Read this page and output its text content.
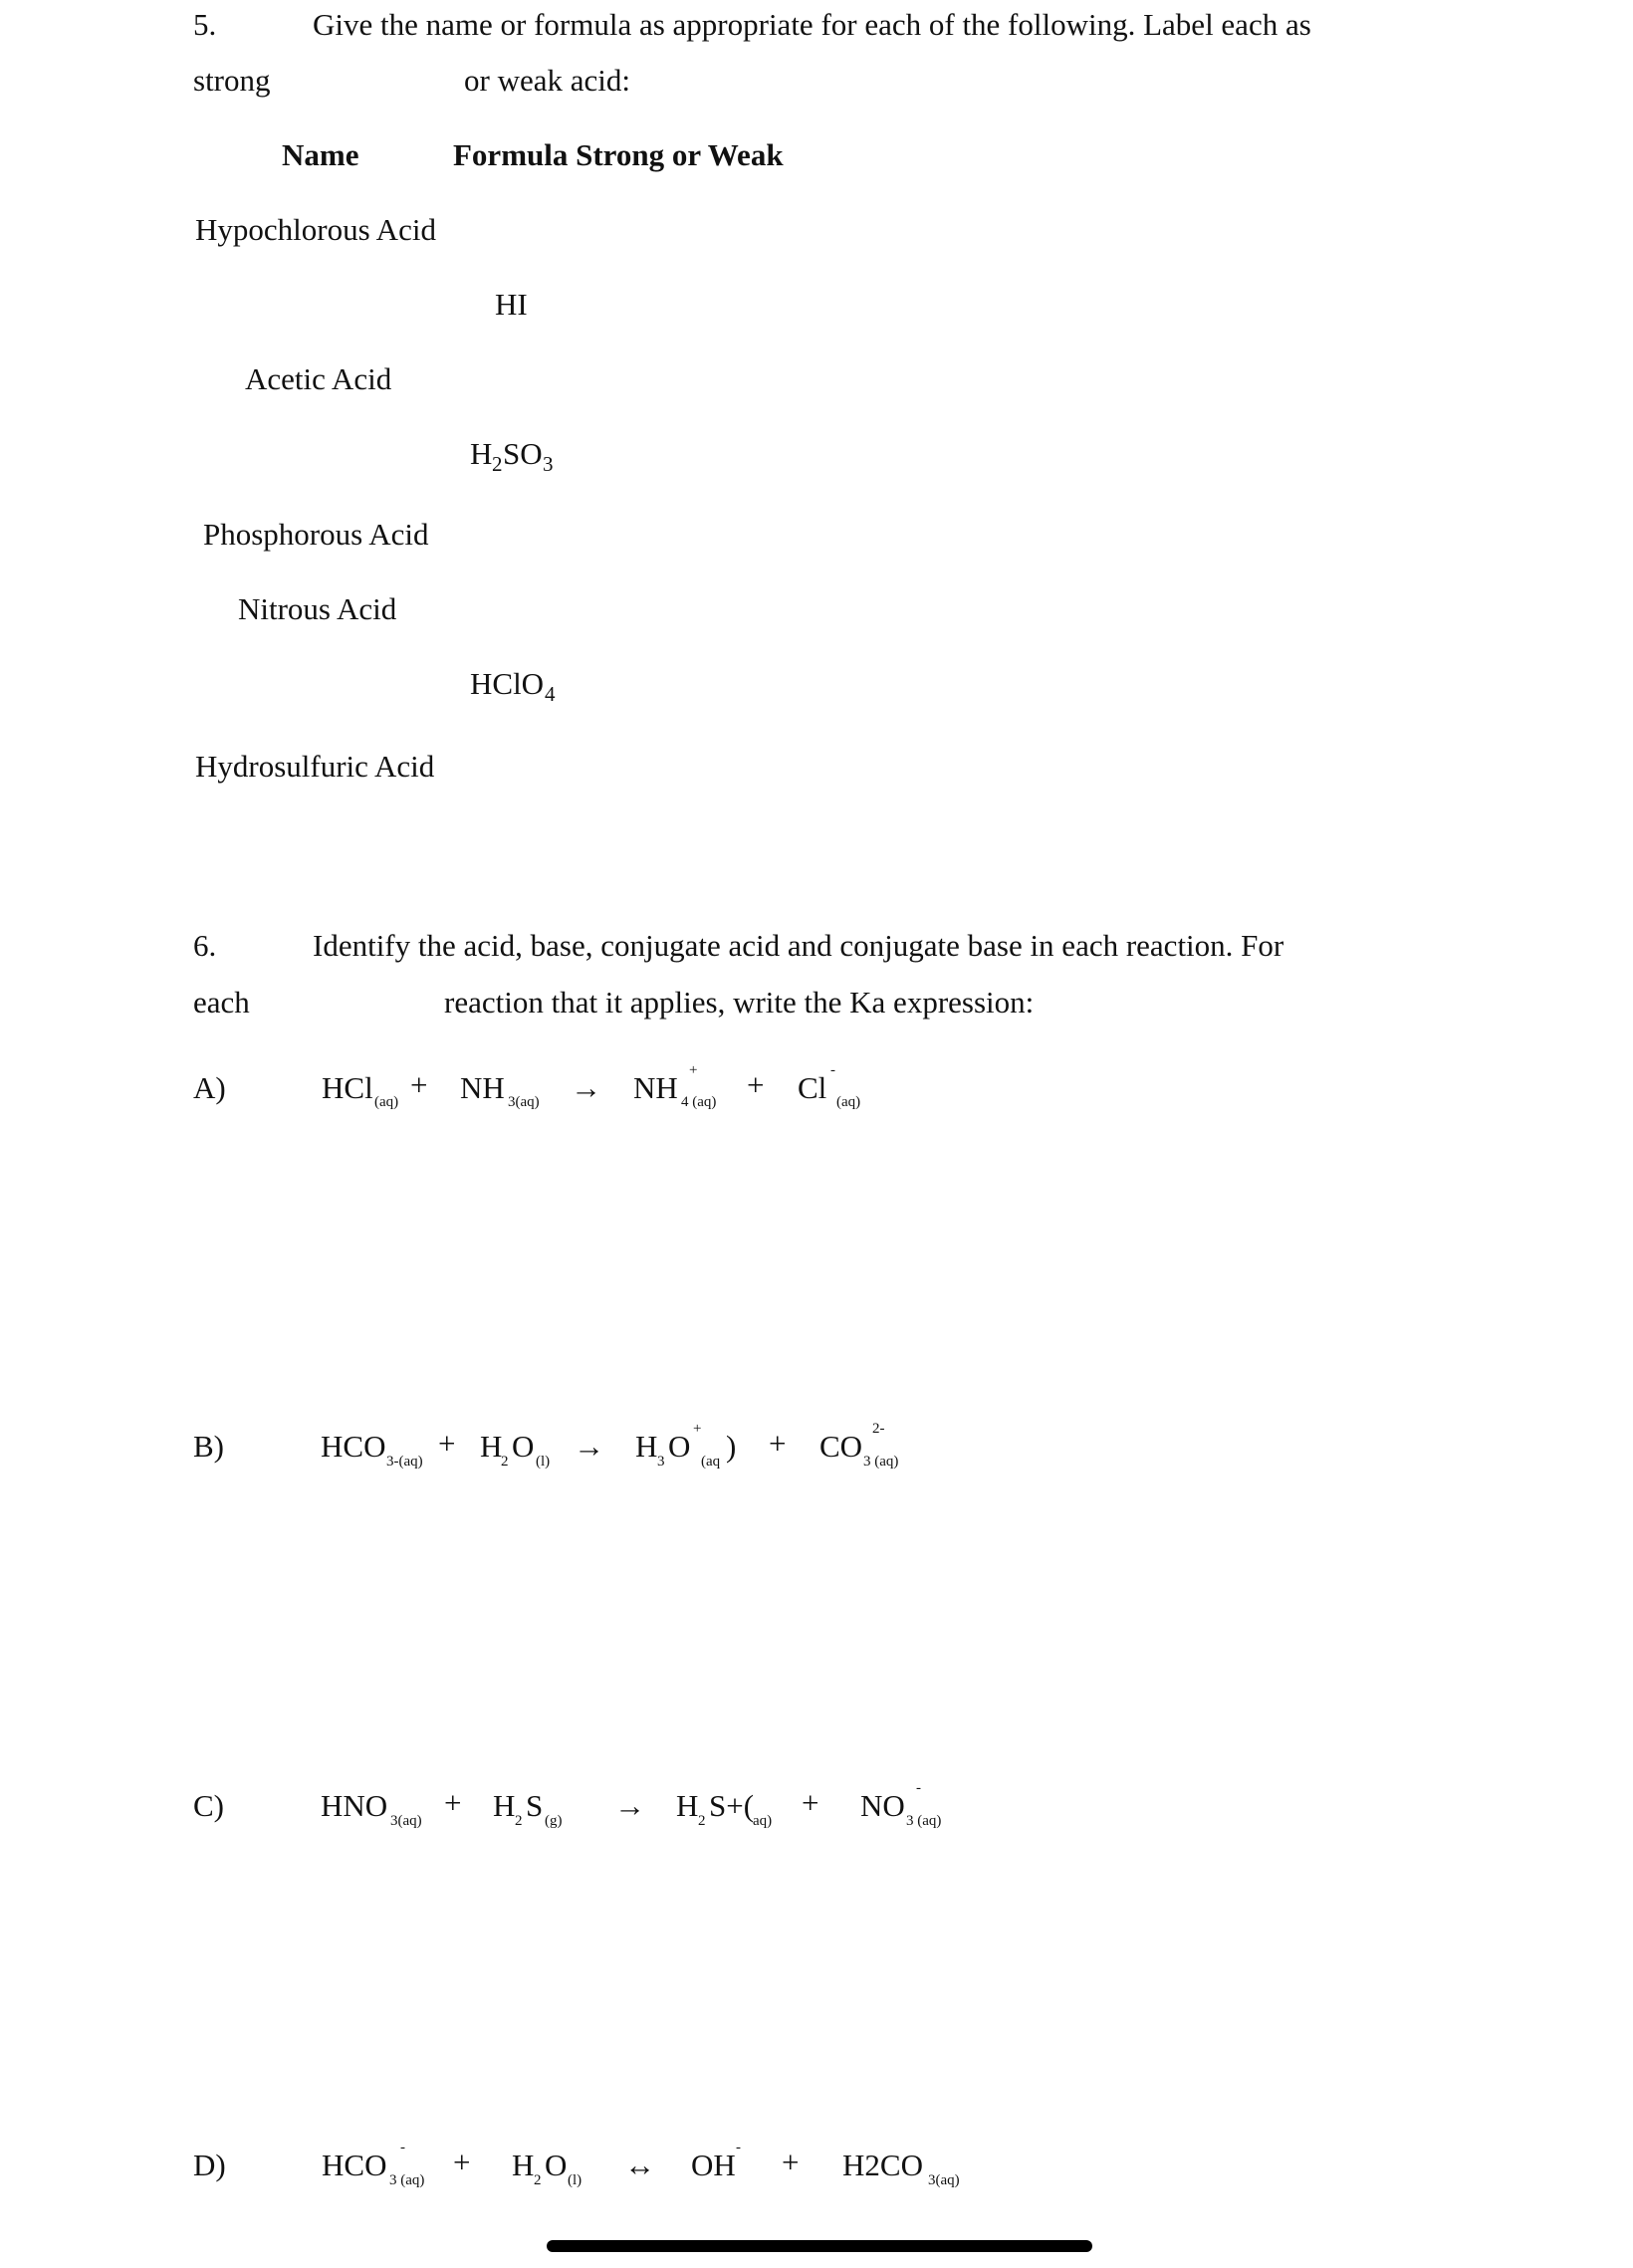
5.	Give the name or formula as appropriate for each of the following. Label each as
strong	or weak acid:
Name	Formula Strong or Weak
Hypochlorous Acid
HI
Acetic Acid
H 2 SO 3
Phosphorous Acid
Nitrous Acid
HClO 4
Hydrosulfuric Acid
6.	Identify the acid, base, conjugate acid and conjugate base in each reaction. For
each	reaction that it applies, write the Ka expression:
A)	HCl (aq) + NH 3(aq) → NH +
4 (aq) + Cl -
(aq)
B)	HCO 3-(aq)
+ H
2 O (l) → H 3 O +
(aq ) + CO 2-
3 (aq)
C)	HNO 3(aq)
+ H 2 S (g) → H 2 S+(
aq)
+ NO -
3 (aq)
D)	HCO -
3 (aq)
+ H 2 O (l) ↔ OH - + H2CO 3(aq)
